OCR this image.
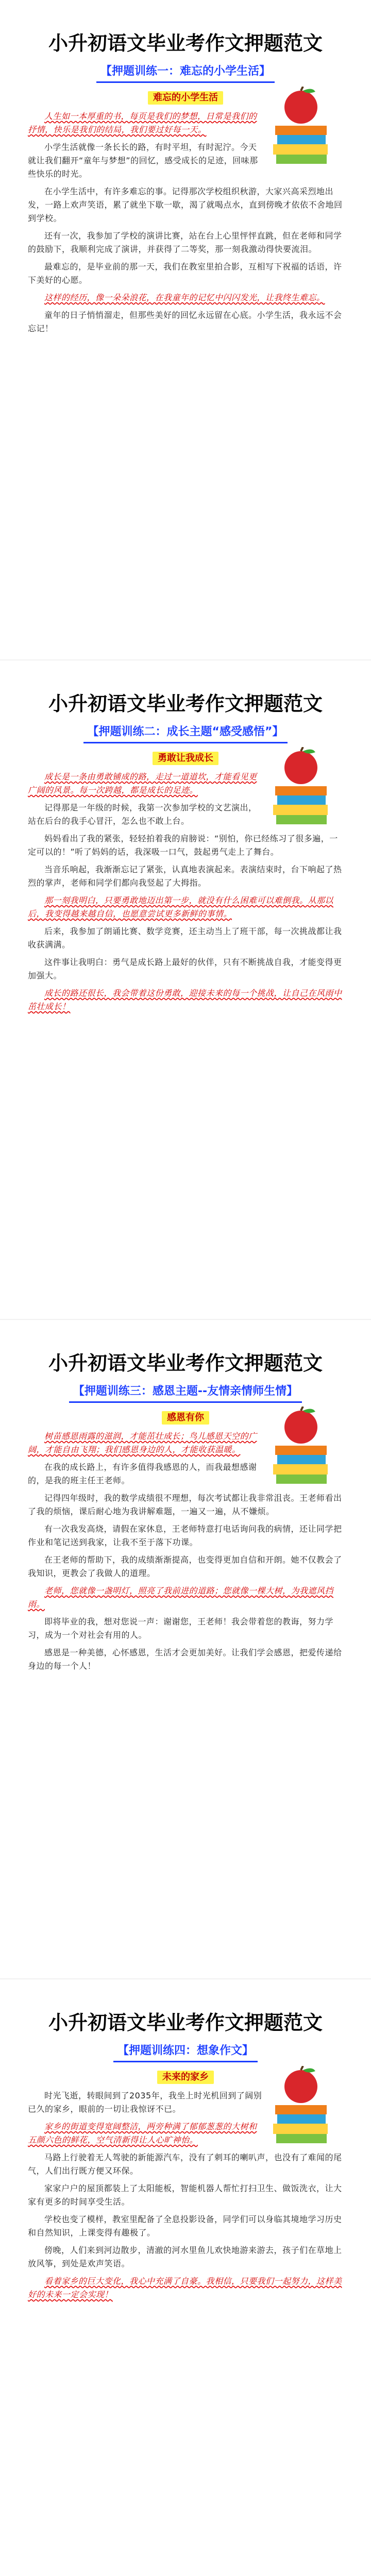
小升初语文毕业考作文押题范文
【押题训练一：难忘的小学生活】
难忘的小学生活

人生如一本厚重的书，每页是我们的梦想，日常是我们的抒情，快乐是我们的结局，我们要过好每一天。

小学生活就像一条长长的路，有时平坦，有时泥泞。今天就让我们翻开“童年与梦想”的回忆，感受成长的足迹，回味那些快乐的时光。

在小学生活中，有许多难忘的事。记得那次学校组织秋游，大家兴高采烈地出发，一路上欢声笑语，累了就坐下歇一歇，渴了就喝点水，直到傍晚才依依不舍地回到学校。

还有一次，我参加了学校的演讲比赛，站在台上心里怦怦直跳，但在老师和同学的鼓励下，我顺利完成了演讲，并获得了二等奖，那一刻我激动得快要流泪。

最难忘的，是毕业前的那一天，我们在教室里拍合影，互相写下祝福的话语，许下美好的心愿。

这样的经历，像一朵朵浪花，在我童年的记忆中闪闪发光，让我终生难忘。

童年的日子悄悄溜走，但那些美好的回忆永远留在心底。小学生活，我永远不会忘记！

小升初语文毕业考作文押题范文
【押题训练二：成长主题“感受感悟”】
勇敢让我成长

成长是一条由勇敢铺成的路，走过一道道坎，才能看见更广阔的风景。每一次跨越，都是成长的足迹。

记得那是一年级的时候，我第一次参加学校的文艺演出，站在后台的我手心冒汗，怎么也不敢上台。

妈妈看出了我的紧张，轻轻拍着我的肩膀说：“别怕，你已经练习了很多遍，一定可以的！”听了妈妈的话，我深吸一口气，鼓起勇气走上了舞台。

当音乐响起，我渐渐忘记了紧张，认真地表演起来。表演结束时，台下响起了热烈的掌声，老师和同学们都向我竖起了大拇指。

那一刻我明白，只要勇敢地迈出第一步，就没有什么困难可以难倒我。从那以后，我变得越来越自信，也愿意尝试更多新鲜的事情。

后来，我参加了朗诵比赛、数学竞赛，还主动当上了班干部，每一次挑战都让我收获满满。

这件事让我明白：勇气是成长路上最好的伙伴，只有不断挑战自我，才能变得更加强大。

成长的路还很长，我会带着这份勇敢，迎接未来的每一个挑战，让自己在风雨中茁壮成长！

小升初语文毕业考作文押题范文
【押题训练三：感恩主题--友情亲情师生情】
感恩有你

树苗感恩雨露的滋润，才能茁壮成长；鸟儿感恩天空的广阔，才能自由飞翔；我们感恩身边的人，才能收获温暖。

在我的成长路上，有许多值得我感恩的人，而我最想感谢的，是我的班主任王老师。

记得四年级时，我的数学成绩很不理想，每次考试都让我非常沮丧。王老师看出了我的烦恼，课后耐心地为我讲解难题，一遍又一遍，从不嫌烦。

有一次我发高烧，请假在家休息，王老师特意打电话询问我的病情，还让同学把作业和笔记送到我家，让我不至于落下功课。

在王老师的帮助下，我的成绩渐渐提高，也变得更加自信和开朗。她不仅教会了我知识，更教会了我做人的道理。

老师，您就像一盏明灯，照亮了我前进的道路；您就像一棵大树，为我遮风挡雨。

即将毕业的我，想对您说一声：谢谢您，王老师！我会带着您的教诲，努力学习，成为一个对社会有用的人。

感恩是一种美德，心怀感恩，生活才会更加美好。让我们学会感恩，把爱传递给身边的每一个人！

小升初语文毕业考作文押题范文
【押题训练四：想象作文】
未来的家乡

时光飞逝，转眼间到了2035年，我坐上时光机回到了阔别已久的家乡，眼前的一切让我惊讶不已。

家乡的街道变得宽阔整洁，两旁种满了郁郁葱葱的大树和五颜六色的鲜花，空气清新得让人心旷神怡。

马路上行驶着无人驾驶的新能源汽车，没有了刺耳的喇叭声，也没有了难闻的尾气，人们出行既方便又环保。

家家户户的屋顶都装上了太阳能板，智能机器人帮忙打扫卫生、做饭洗衣，让大家有更多的时间享受生活。

学校也变了模样，教室里配备了全息投影设备，同学们可以身临其境地学习历史和自然知识，上课变得有趣极了。

傍晚，人们来到河边散步，清澈的河水里鱼儿欢快地游来游去，孩子们在草地上放风筝，到处是欢声笑语。

看着家乡的巨大变化，我心中充满了自豪。我相信，只要我们一起努力，这样美好的未来一定会实现！
